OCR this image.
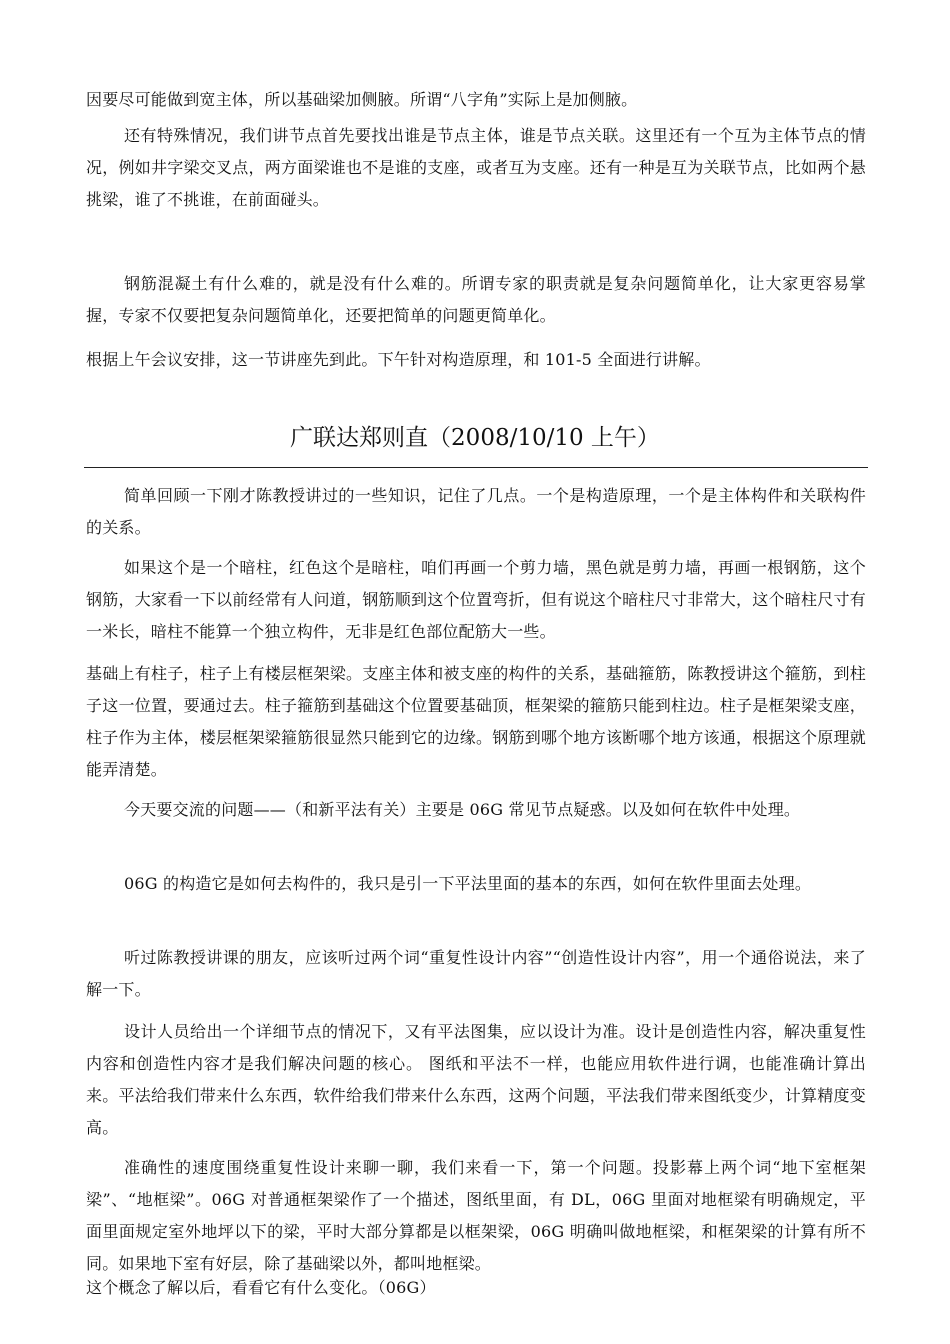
因要尽可能做到宽主体，所以基础梁加侧腋。所谓“八字角”实际上是加侧腋。

还有特殊情况，我们讲节点首先要找出谁是节点主体，谁是节点关联。这里还有一个互为主体节点的情况，例如井字梁交叉点，两方面梁谁也不是谁的支座，或者互为支座。还有一种是互为关联节点，比如两个悬挑梁，谁了不挑谁，在前面碰头。

钢筋混凝土有什么难的，就是没有什么难的。所谓专家的职责就是复杂问题简单化，让大家更容易掌握，专家不仅要把复杂问题简单化，还要把简单的问题更简单化。

根据上午会议安排，这一节讲座先到此。下午针对构造原理，和 101-5 全面进行讲解。

广联达郑则直（2008/10/10 上午）

简单回顾一下刚才陈教授讲过的一些知识，记住了几点。一个是构造原理，一个是主体构件和关联构件的关系。

如果这个是一个暗柱，红色这个是暗柱，咱们再画一个剪力墙，黑色就是剪力墙，再画一根钢筋，这个钢筋，大家看一下以前经常有人问道，钢筋顺到这个位置弯折，但有说这个暗柱尺寸非常大，这个暗柱尺寸有一米长，暗柱不能算一个独立构件，无非是红色部位配筋大一些。

基础上有柱子，柱子上有楼层框架梁。支座主体和被支座的构件的关系，基础箍筋，陈教授讲这个箍筋，到柱子这一位置，要通过去。柱子箍筋到基础这个位置要基础顶，框架梁的箍筋只能到柱边。柱子是框架梁支座，柱子作为主体，楼层框架梁箍筋很显然只能到它的边缘。钢筋到哪个地方该断哪个地方该通，根据这个原理就能弄清楚。

今天要交流的问题——（和新平法有关）主要是 06G 常见节点疑惑。以及如何在软件中处理。

06G 的构造它是如何去构件的，我只是引一下平法里面的基本的东西，如何在软件里面去处理。

听过陈教授讲课的朋友，应该听过两个词“重复性设计内容”“创造性设计内容”，用一个通俗说法，来了解一下。

设计人员给出一个详细节点的情况下，又有平法图集，应以设计为准。设计是创造性内容，解决重复性内容和创造性内容才是我们解决问题的核心。 图纸和平法不一样，也能应用软件进行调，也能准确计算出来。平法给我们带来什么东西，软件给我们带来什么东西，这两个问题，平法我们带来图纸变少，计算精度变高。

准确性的速度围绕重复性设计来聊一聊，我们来看一下，第一个问题。投影幕上两个词“地下室框架梁”、“地框梁”。06G 对普通框架梁作了一个描述，图纸里面，有 DL，06G 里面对地框梁有明确规定，平面里面规定室外地坪以下的梁，平时大部分算都是以框架梁，06G 明确叫做地框梁，和框架梁的计算有所不同。如果地下室有好层，除了基础梁以外，都叫地框梁。

这个概念了解以后，看看它有什么变化。（06G）
